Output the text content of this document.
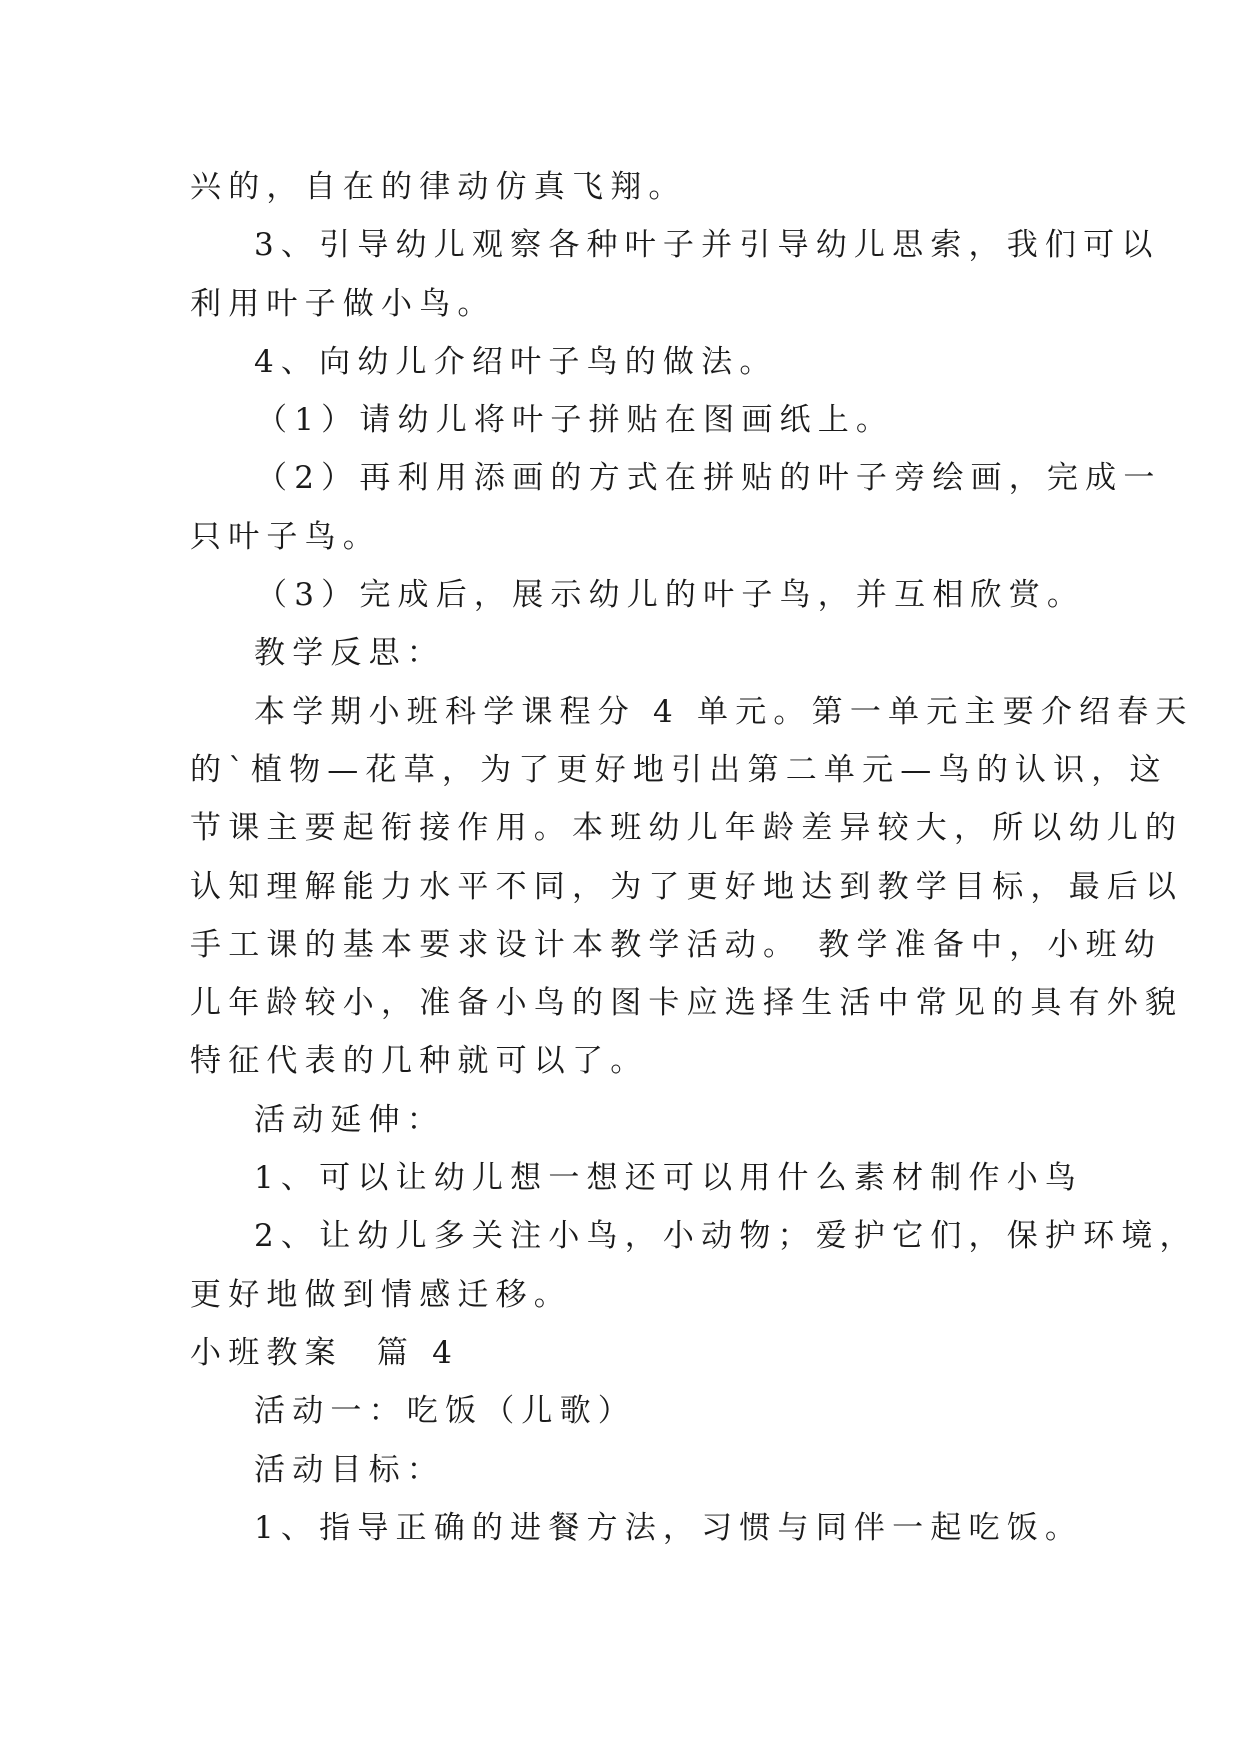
兴的，自在的律动仿真飞翔。

3、引导幼儿观察各种叶子并引导幼儿思索，我们可以

利用叶子做小鸟。

4、向幼儿介绍叶子鸟的做法。

（1）请幼儿将叶子拼贴在图画纸上。

（2）再利用添画的方式在拼贴的叶子旁绘画，完成一

只叶子鸟。

（3）完成后，展示幼儿的叶子鸟，并互相欣赏。

教学反思：

本学期小班科学课程分 4 单元。第一单元主要介绍春天

的`植物—花草，为了更好地引出第二单元—鸟的认识，这

节课主要起衔接作用。本班幼儿年龄差异较大，所以幼儿的

认知理解能力水平不同，为了更好地达到教学目标，最后以

手工课的基本要求设计本教学活动。 教学准备中，小班幼

儿年龄较小，准备小鸟的图卡应选择生活中常见的具有外貌

特征代表的几种就可以了。

活动延伸：

1、可以让幼儿想一想还可以用什么素材制作小鸟

2、让幼儿多关注小鸟，小动物；爱护它们，保护环境，

更好地做到情感迁移。

小班教案  篇 4

活动一：吃饭（儿歌）

活动目标：

1、指导正确的进餐方法，习惯与同伴一起吃饭。
